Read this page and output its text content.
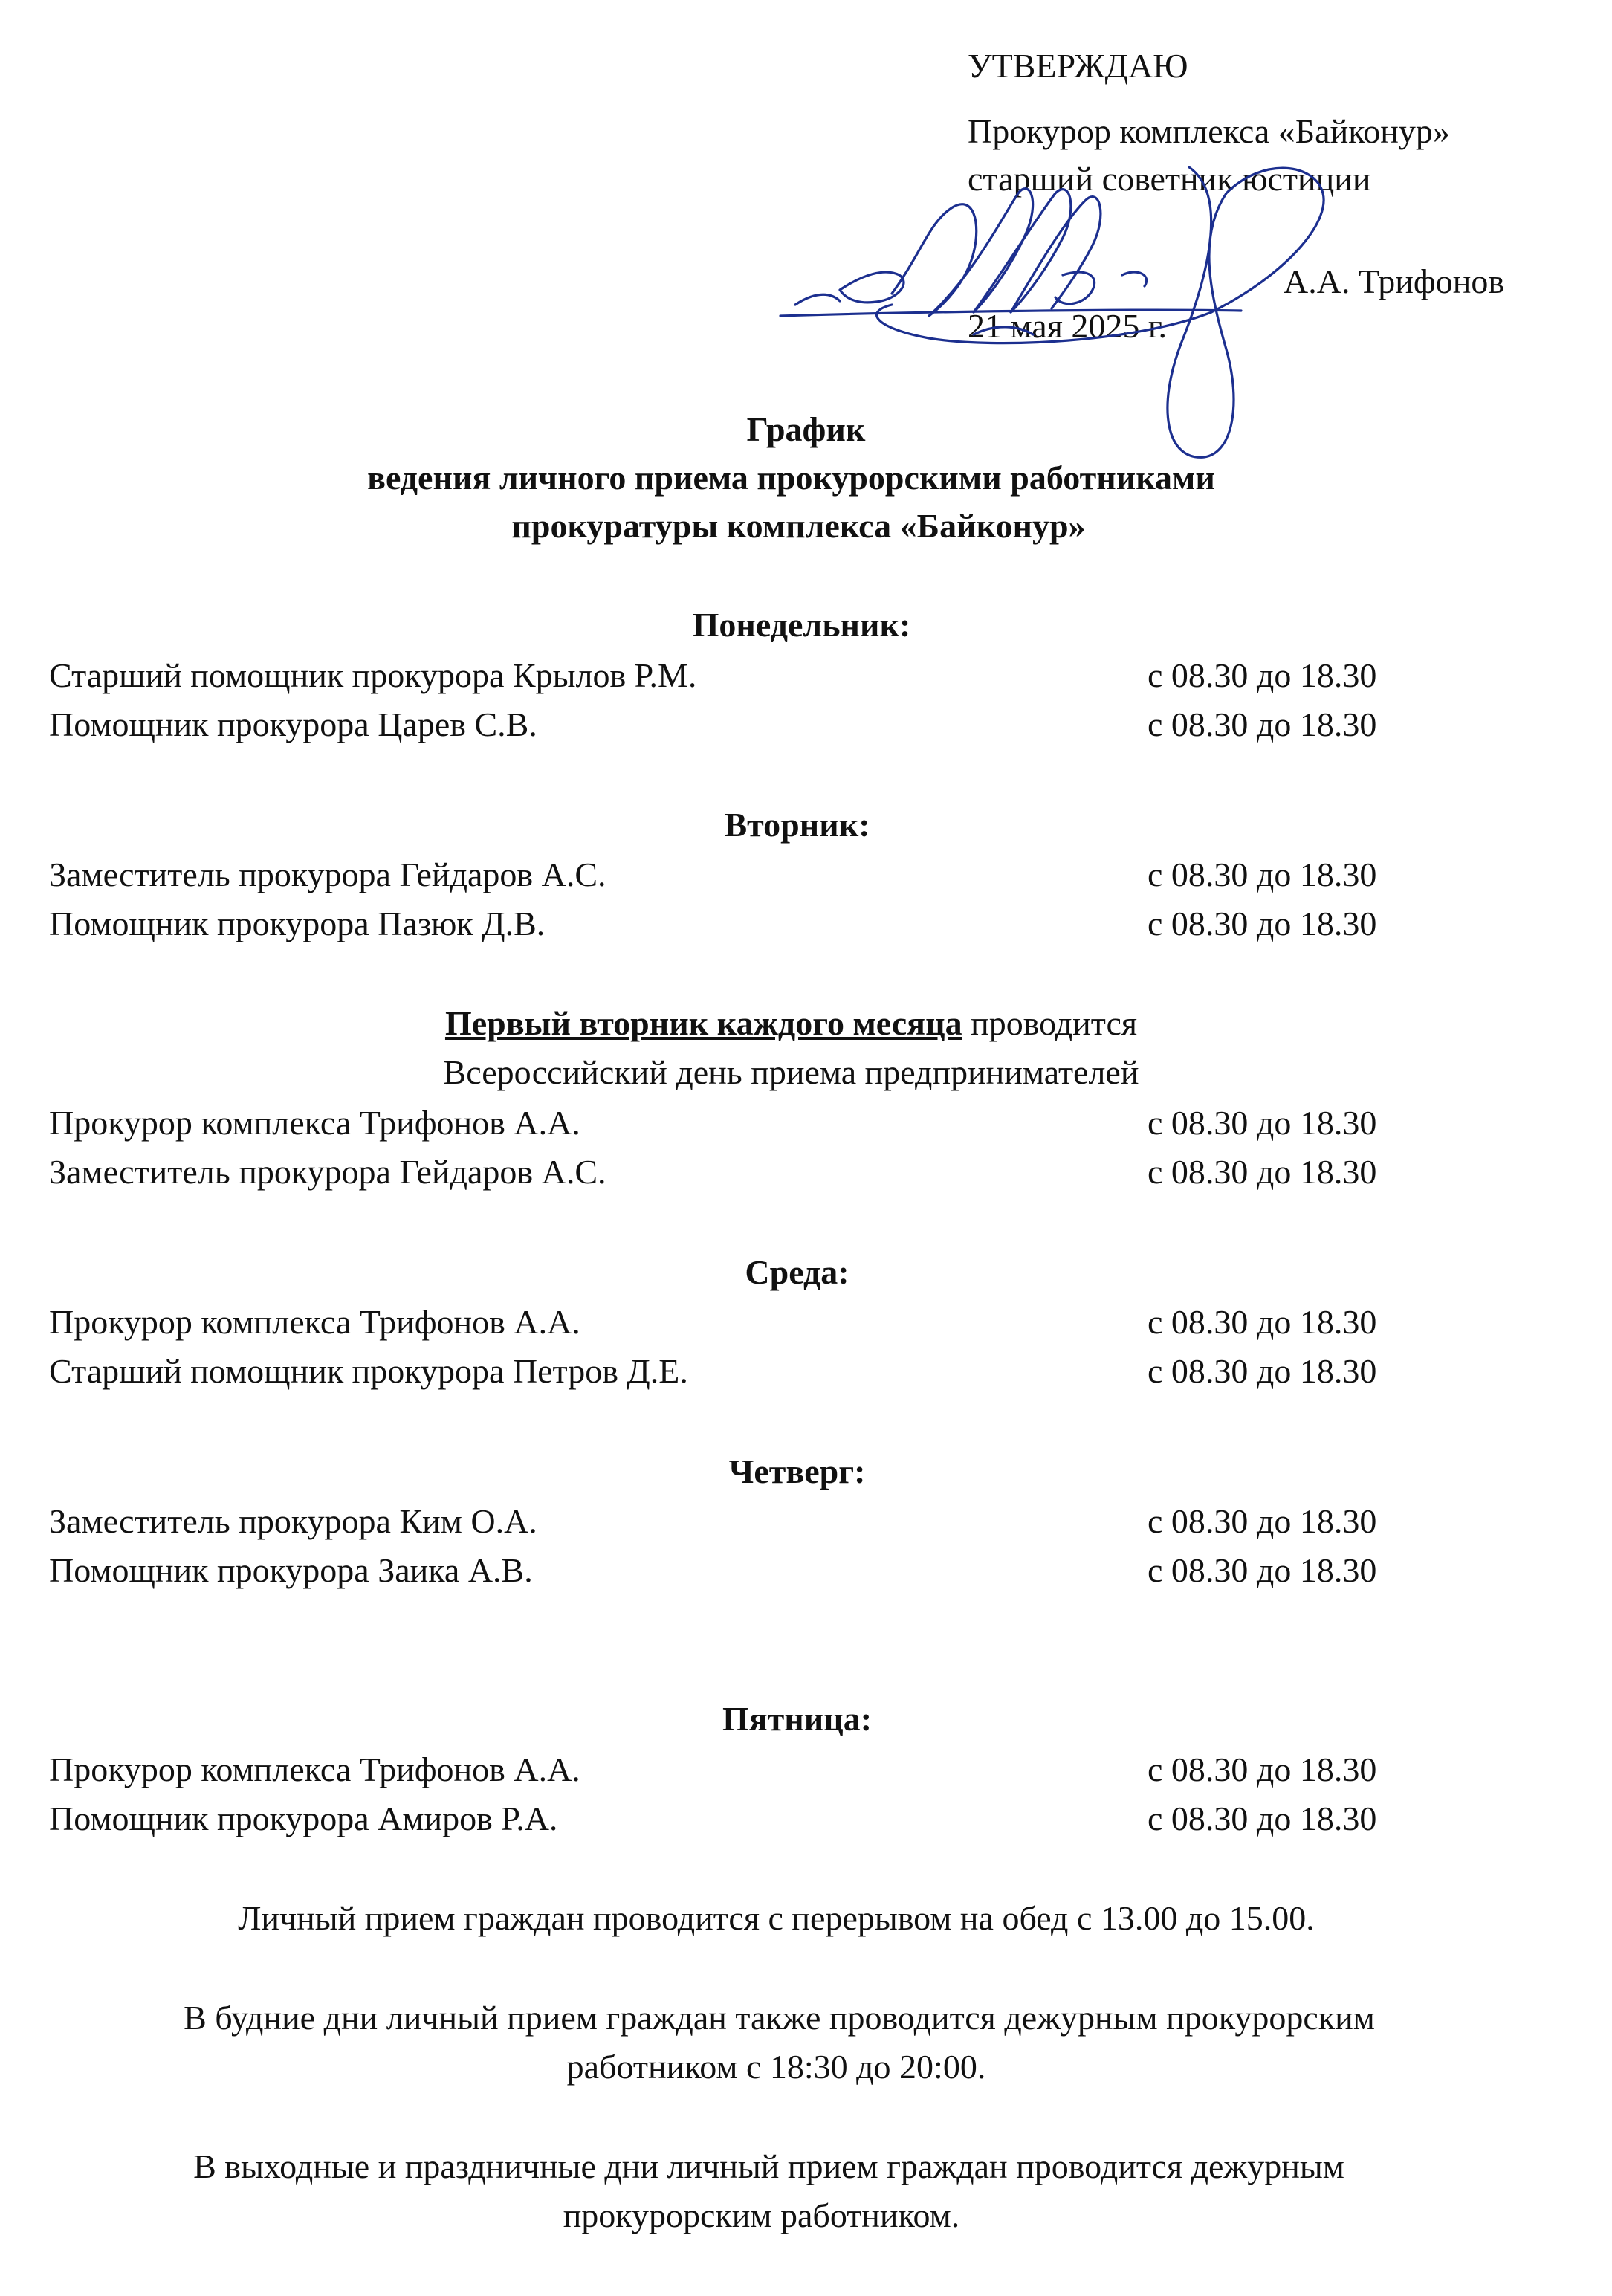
УТВЕРЖДАЮ
Прокурор комплекса «Байконур»
старший советник юстиции
А.А. Трифонов
21 мая 2025 г.
График
ведения личного приема прокурорскими работниками
прокуратуры комплекса «Байконур»
Понедельник:
Старший помощник прокурора Крылов Р.М.	с 08.30 до 18.30
Помощник прокурора Царев С.В.	с 08.30 до 18.30
Вторник:
Заместитель прокурора Гейдаров А.С.	с 08.30 до 18.30
Помощник прокурора Пазюк Д.В.	с 08.30 до 18.30
Первый вторник каждого месяца проводится
Всероссийский день приема предпринимателей
Прокурор комплекса Трифонов А.А.	с 08.30 до 18.30
Заместитель прокурора Гейдаров А.С.	с 08.30 до 18.30
Среда:
Прокурор комплекса Трифонов А.А.	с 08.30 до 18.30
Старший помощник прокурора Петров Д.Е.	с 08.30 до 18.30
Четверг:
Заместитель прокурора Ким О.А.	с 08.30 до 18.30
Помощник прокурора Заика А.В.	с 08.30 до 18.30
Пятница:
Прокурор комплекса Трифонов А.А.	с 08.30 до 18.30
Помощник прокурора Амиров Р.А.	с 08.30 до 18.30
Личный прием граждан проводится с перерывом на обед с 13.00 до 15.00.
В будние дни личный прием граждан также проводится дежурным прокурорским
работником с 18:30 до 20:00.
В выходные и праздничные дни личный прием граждан проводится дежурным
прокурорским работником.
